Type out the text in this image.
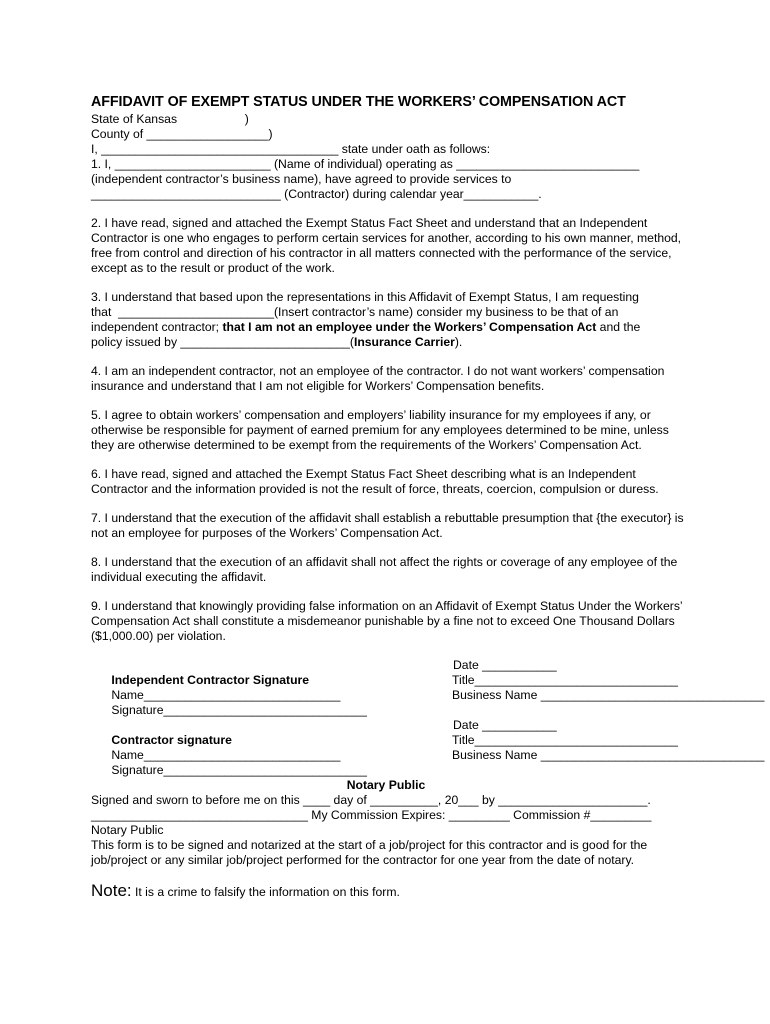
AFFIDAVIT OF EXEMPT STATUS UNDER THE WORKERS’ COMPENSATION ACT
State of Kansas                    )
County of __________________)
I, ___________________________________ state under oath as follows:
1. I, _______________________ (Name of individual) operating as ___________________________
(independent contractor’s business name), have agreed to provide services to
____________________________ (Contractor) during calendar year___________.

2. I have read, signed and attached the Exempt Status Fact Sheet and understand that an Independent Contractor is one who engages to perform certain services for another, according to his own manner, method, free from control and direction of his contractor in all matters connected with the performance of the service, except as to the result or product of the work.

3. I understand that based upon the representations in this Affidavit of Exempt Status, I am requesting
that  _______________________(Insert contractor’s name) consider my business to be that of an
independent contractor; that I am not an employee under the Workers’ Compensation Act and the
policy issued by _________________________(Insurance Carrier).

4. I am an independent contractor, not an employee of the contractor. I do not want workers’ compensation insurance and understand that I am not eligible for Workers’ Compensation benefits.

5. I agree to obtain workers’ compensation and employers’ liability insurance for my employees if any, or otherwise be responsible for payment of earned premium for any employees determined to be mine, unless they are otherwise determined to be exempt from the requirements of the Workers’ Compensation Act.

6. I have read, signed and attached the Exempt Status Fact Sheet describing what is an Independent Contractor and the information provided is not the result of force, threats, coercion, compulsion or duress.

7. I understand that the execution of the affidavit shall establish a rebuttable presumption that {the executor} is not an employee for purposes of the Workers’ Compensation Act.

8. I understand that the execution of an affidavit shall not affect the rights or coverage of any employee of the individual executing the affidavit.

9. I understand that knowingly providing false information on an Affidavit of Exempt Status Under the Workers’ Compensation Act shall constitute a misdemeanor punishable by a fine not to exceed One Thousand Dollars ($1,000.00) per violation.

Independent Contractor Signature

Date ___________

Name_____________________________

Title______________________________

Signature______________________________

Business Name _________________________________

Contractor signature

Date ___________

Name_____________________________

Title______________________________

Signature______________________________

Business Name _________________________________

Notary Public
Signed and sworn to before me on this ____ day of __________, 20___ by ______________________.
________________________________ My Commission Expires: _________ Commission #_________
Notary Public
This form is to be signed and notarized at the start of a job/project for this contractor and is good for the job/project or any similar job/project performed for the contractor for one year from the date of notary.
Note: It is a crime to falsify the information on this form.
